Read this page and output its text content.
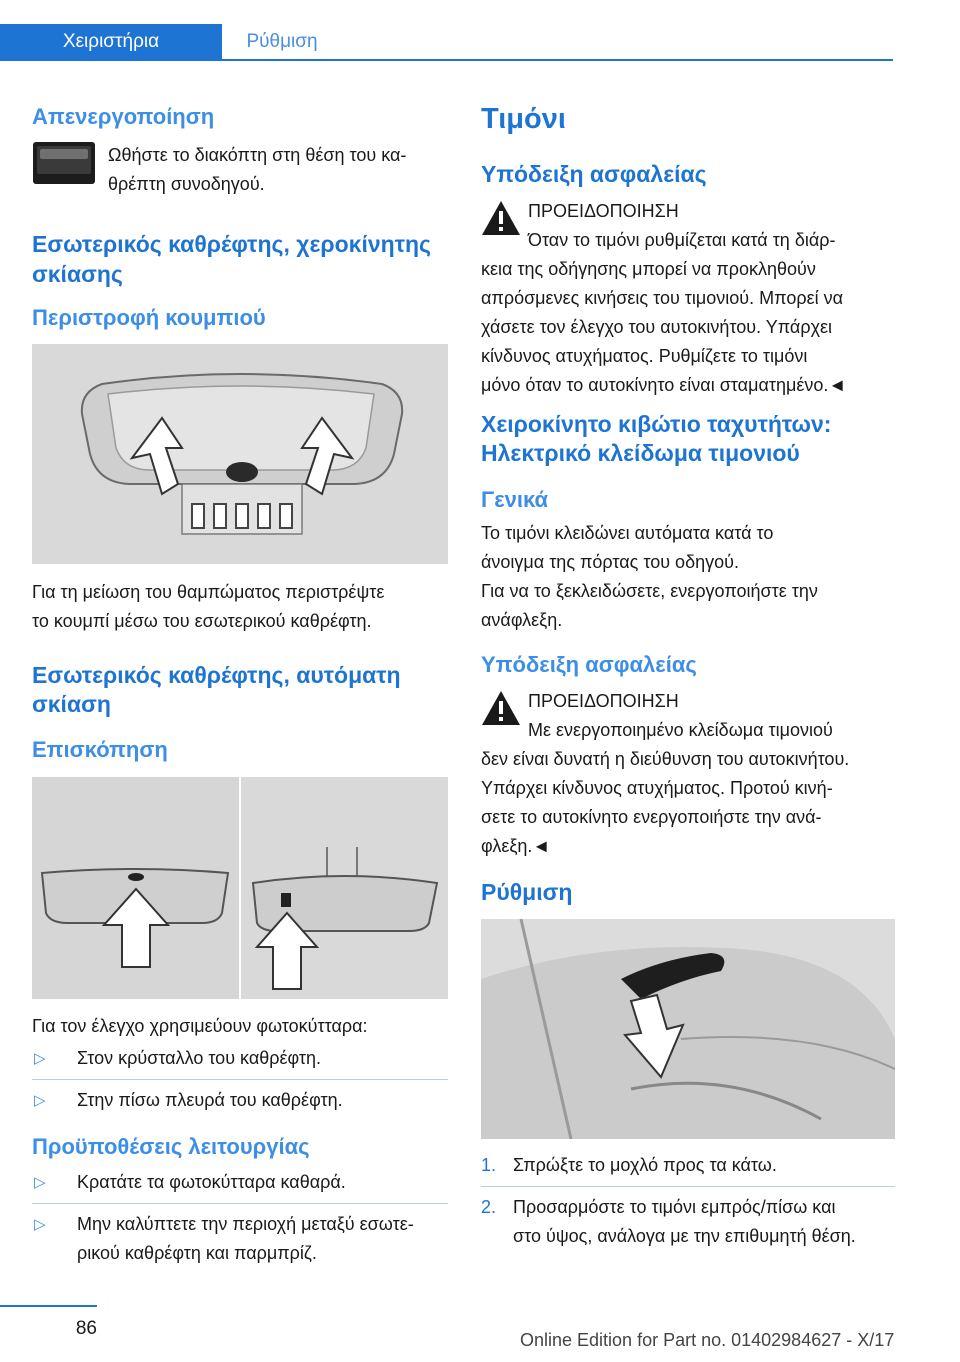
Χειριστήρια	Ρύθμιση
Απενεργοποίηση

Ωθήστε το διακόπτη στη θέση του κα-

θρέπτη συνοδηγού.

Εσωτερικός καθρέφτης, χεροκίνητης
σκίασης
Περιστροφή κουμπιού

Για τη μείωση του θαμπώματος περιστρέψτε

το κουμπί μέσω του εσωτερικού καθρέφτη.

Εσωτερικός καθρέφτης, αυτόματη
σκίαση
Επισκόπηση

Για τον έλεγχο χρησιμεύουν φωτοκύτταρα:

▷ Στον κρύσταλλο του καθρέφτη.
▷ Στην πίσω πλευρά του καθρέφτη.
Προϋποθέσεις λειτουργίας
▷ Κρατάτε τα φωτοκύτταρα καθαρά.
▷ Μην καλύπτετε την περιοχή μεταξύ εσωτε-
ρικού καθρέφτη και παρμπρίζ.
Τιμόνι
Υπόδειξη ασφαλείας

ΠΡΟΕΙΔΟΠΟΙΗΣΗ

Όταν το τιμόνι ρυθμίζεται κατά τη διάρ-

κεια της οδήγησης μπορεί να προκληθούν

απρόσμενες κινήσεις του τιμονιού. Μπορεί να

χάσετε τον έλεγχο του αυτοκινήτου. Υπάρχει

κίνδυνος ατυχήματος. Ρυθμίζετε το τιμόνι

μόνο όταν το αυτοκίνητο είναι σταματημένο.◄

Χειροκίνητο κιβώτιο ταχυτήτων:
Ηλεκτρικό κλείδωμα τιμονιού
Γενικά

Το τιμόνι κλειδώνει αυτόματα κατά το

άνοιγμα της πόρτας του οδηγού.

Για να το ξεκλειδώσετε, ενεργοποιήστε την

ανάφλεξη.

Υπόδειξη ασφαλείας

ΠΡΟΕΙΔΟΠΟΙΗΣΗ

Με ενεργοποιημένο κλείδωμα τιμονιού

δεν είναι δυνατή η διεύθυνση του αυτοκινήτου.

Υπάρχει κίνδυνος ατυχήματος. Προτού κινή-

σετε το αυτοκίνητο ενεργοποιήστε την ανά-

φλεξη.◄

Ρύθμιση
1. Σπρώξτε το μοχλό προς τα κάτω.
2. Προσαρμόστε το τιμόνι εμπρός/πίσω και
στο ύψος, ανάλογα με την επιθυμητή θέση.

86

Online Edition for Part no. 01402984627 - X/17
